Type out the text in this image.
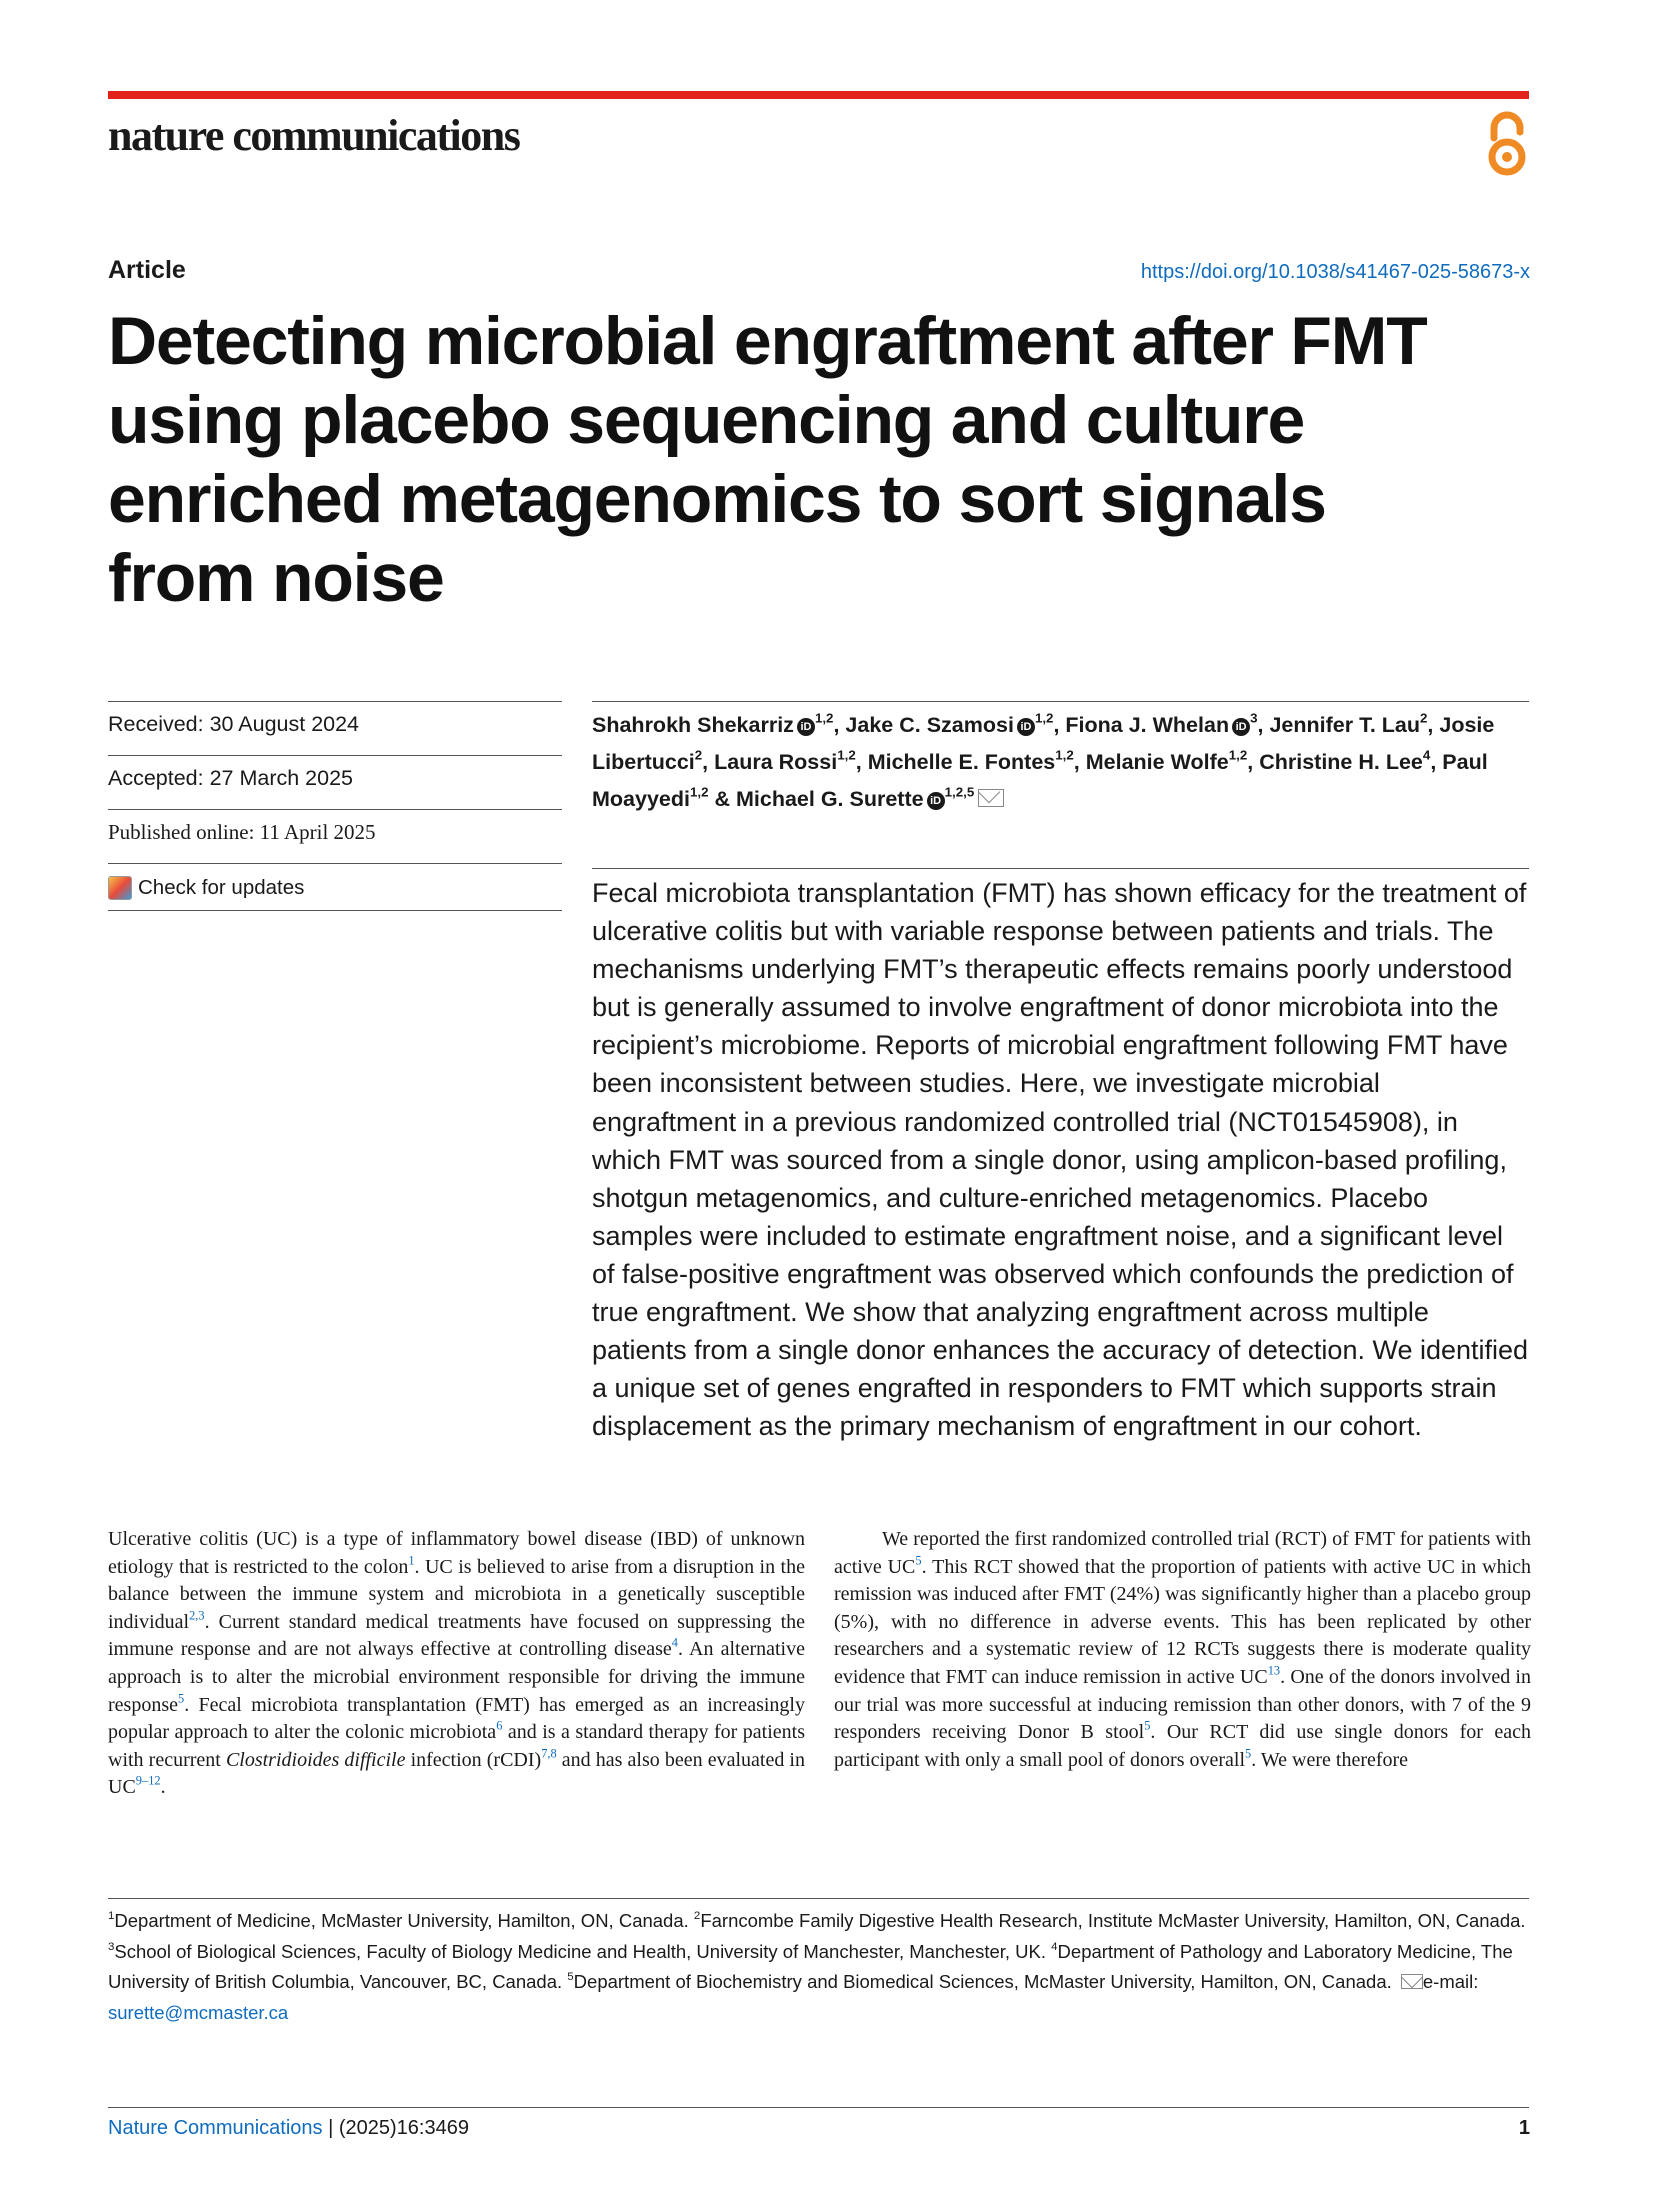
nature communications
Article	https://doi.org/10.1038/s41467-025-58673-x
Detecting microbial engraftment after FMT
using placebo sequencing and culture
enriched metagenomics to sort signals
from noise
Received: 30 August 2024
Accepted: 27 March 2025
Published online: 11 April 2025
Check for updates
Shahrokh Shekarriz iD$^{1,2}$, Jake C. Szamosi iD$^{1,2}$, Fiona J. Whelan $iD^3$, Jennifer T. Lau$^2$, Josie Libertucci$^2$, Laura Rossi$^{1,2}$, Michelle E. Fontes$^{1,2}$, Melanie Wolfe$^{1,2}$, Christine H. Lee$^4$, Paul Moayyedi$^{1,2}$ & Michael G. Surette iD$^{1,2,5}$

Fecal microbiota transplantation (FMT) has shown efficacy for the treatment of ulcerative colitis but with variable response between patients and trials. The mechanisms underlying FMT’s therapeutic effects remains poorly understood but is generally assumed to involve engraftment of donor microbiota into the recipient’s microbiome. Reports of microbial engraftment following FMT have been inconsistent between studies. Here, we investigate microbial engraftment in a previous randomized controlled trial (NCT01545908), in which FMT was sourced from a single donor, using amplicon-based profiling, shotgun metagenomics, and culture-enriched metagenomics. Placebo samples were included to estimate engraftment noise, and a significant level of false-positive engraftment was observed which confounds the prediction of true engraftment. We show that analyzing engraftment across multiple patients from a single donor enhances the accuracy of detection. We identified a unique set of genes engrafted in responders to FMT which supports strain displacement as the primary mechanism of engraftment in our cohort.

Ulcerative colitis (UC) is a type of inflammatory bowel disease (IBD) of unknown etiology that is restricted to the colon$^1$. UC is believed to arise from a disruption in the balance between the immune system and microbiota in a genetically susceptible individual$^{2,3}$. Current standard medical treatments have focused on suppressing the immune response and are not always effective at controlling disease$^4$. An alternative approach is to alter the microbial environment responsible for driving the immune response$^5$. Fecal microbiota transplantation (FMT) has emerged as an increasingly popular approach to alter the colonic microbiota$^6$ and is a standard therapy for patients with recurrent Clostridioides difficile infection (rCDI)$^{7,8}$ and has also been evaluated in UC$^{9-12}$.

We reported the first randomized controlled trial (RCT) of FMT for patients with active UC$^5$. This RCT showed that the proportion of patients with active UC in which remission was induced after FMT (24%) was significantly higher than a placebo group (5%), with no difference in adverse events. This has been replicated by other researchers and a systematic review of 12 RCTs suggests there is moderate quality evidence that FMT can induce remission in active UC$^{13}$. One of the donors involved in our trial was more successful at inducing remission than other donors, with 7 of the 9 responders receiving Donor B stool$^5$. Our RCT did use single donors for each participant with only a small pool of donors overall$^5$. We were therefore

$^1$Department of Medicine, McMaster University, Hamilton, ON, Canada. $^2$Farncombe Family Digestive Health Research, Institute McMaster University, Hamilton, ON, Canada. $^3$School of Biological Sciences, Faculty of Biology Medicine and Health, University of Manchester, Manchester, UK. $^4$Department of Pathology and Laboratory Medicine, The University of British Columbia, Vancouver, BC, Canada. $^5$Department of Biochemistry and Biomedical Sciences, McMaster University, Hamilton, ON, Canada. e-mail: surette@mcmaster.ca

Nature Communications | (2025)16:3469	1
